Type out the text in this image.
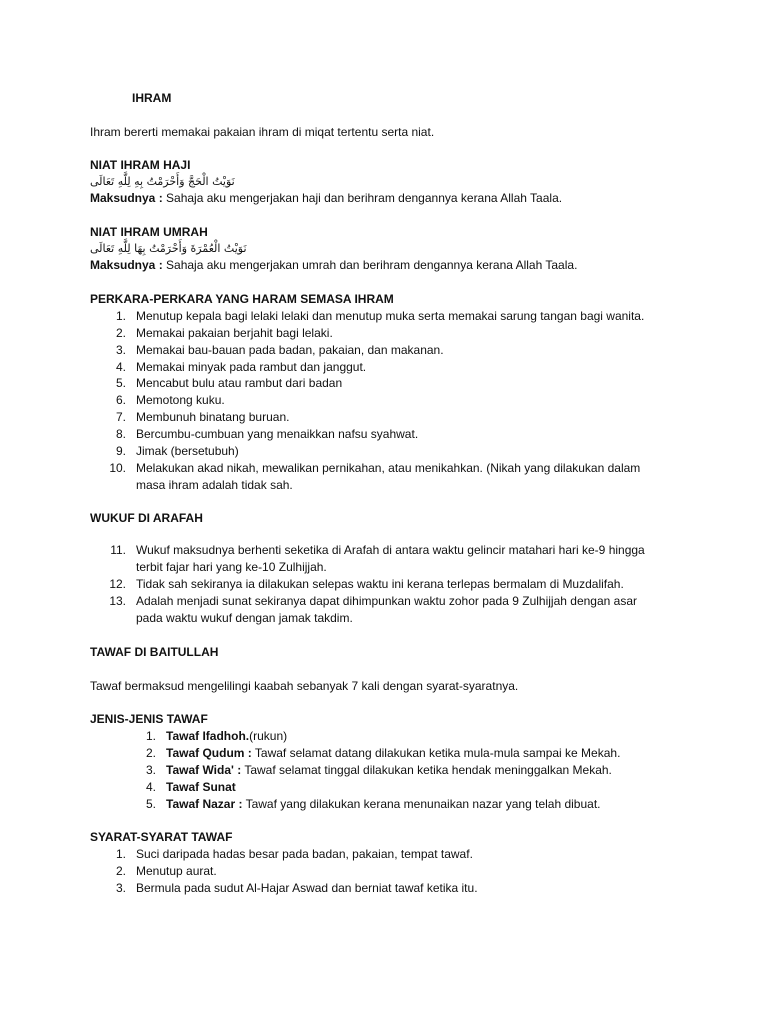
IHRAM
Ihram bererti memakai pakaian ihram di miqat tertentu serta niat.
NIAT IHRAM HAJI
نَوَيْتُ الْحَجَّ وَأَحْرَمْتُ بِهِ لِلَّهِ تَعَالَى
Maksudnya : Sahaja aku mengerjakan haji dan berihram dengannya kerana Allah Taala.
NIAT IHRAM UMRAH
نَوَيْتُ الْعُمْرَةَ وَأَحْرَمْتُ بِهَا لِلَّهِ تَعَالَى
Maksudnya : Sahaja aku mengerjakan umrah dan berihram dengannya kerana Allah Taala.
PERKARA-PERKARA YANG HARAM SEMASA IHRAM
1. Menutup kepala bagi lelaki lelaki dan menutup muka serta memakai sarung tangan bagi wanita.
2. Memakai pakaian berjahit bagi lelaki.
3. Memakai bau-bauan pada badan, pakaian, dan makanan.
4. Memakai minyak pada rambut dan janggut.
5. Mencabut bulu atau rambut dari badan
6. Memotong kuku.
7. Membunuh binatang buruan.
8. Bercumbu-cumbuan yang menaikkan nafsu syahwat.
9. Jimak (bersetubuh)
10. Melakukan akad nikah, mewalikan pernikahan, atau menikahkan. (Nikah yang dilakukan dalam
masa ihram adalah tidak sah.
WUKUF DI ARAFAH
11. Wukuf maksudnya berhenti seketika di Arafah di antara waktu gelincir matahari hari ke-9 hingga
terbit fajar hari yang ke-10 Zulhijjah.
12. Tidak sah sekiranya ia dilakukan selepas waktu ini kerana terlepas bermalam di Muzdalifah.
13. Adalah menjadi sunat sekiranya dapat dihimpunkan waktu zohor pada 9 Zulhijjah dengan asar
pada waktu wukuf dengan jamak takdim.
TAWAF DI BAITULLAH
Tawaf bermaksud mengelilingi kaabah sebanyak 7 kali dengan syarat-syaratnya.
JENIS-JENIS TAWAF
1. Tawaf Ifadhoh.(rukun)
2. Tawaf Qudum : Tawaf selamat datang dilakukan ketika mula-mula sampai ke Mekah.
3. Tawaf Wida' : Tawaf selamat tinggal dilakukan ketika hendak meninggalkan Mekah.
4. Tawaf Sunat
5. Tawaf Nazar : Tawaf yang dilakukan kerana menunaikan nazar yang telah dibuat.
SYARAT-SYARAT TAWAF
1. Suci daripada hadas besar pada badan, pakaian, tempat tawaf.
2. Menutup aurat.
3. Bermula pada sudut Al-Hajar Aswad dan berniat tawaf ketika itu.
